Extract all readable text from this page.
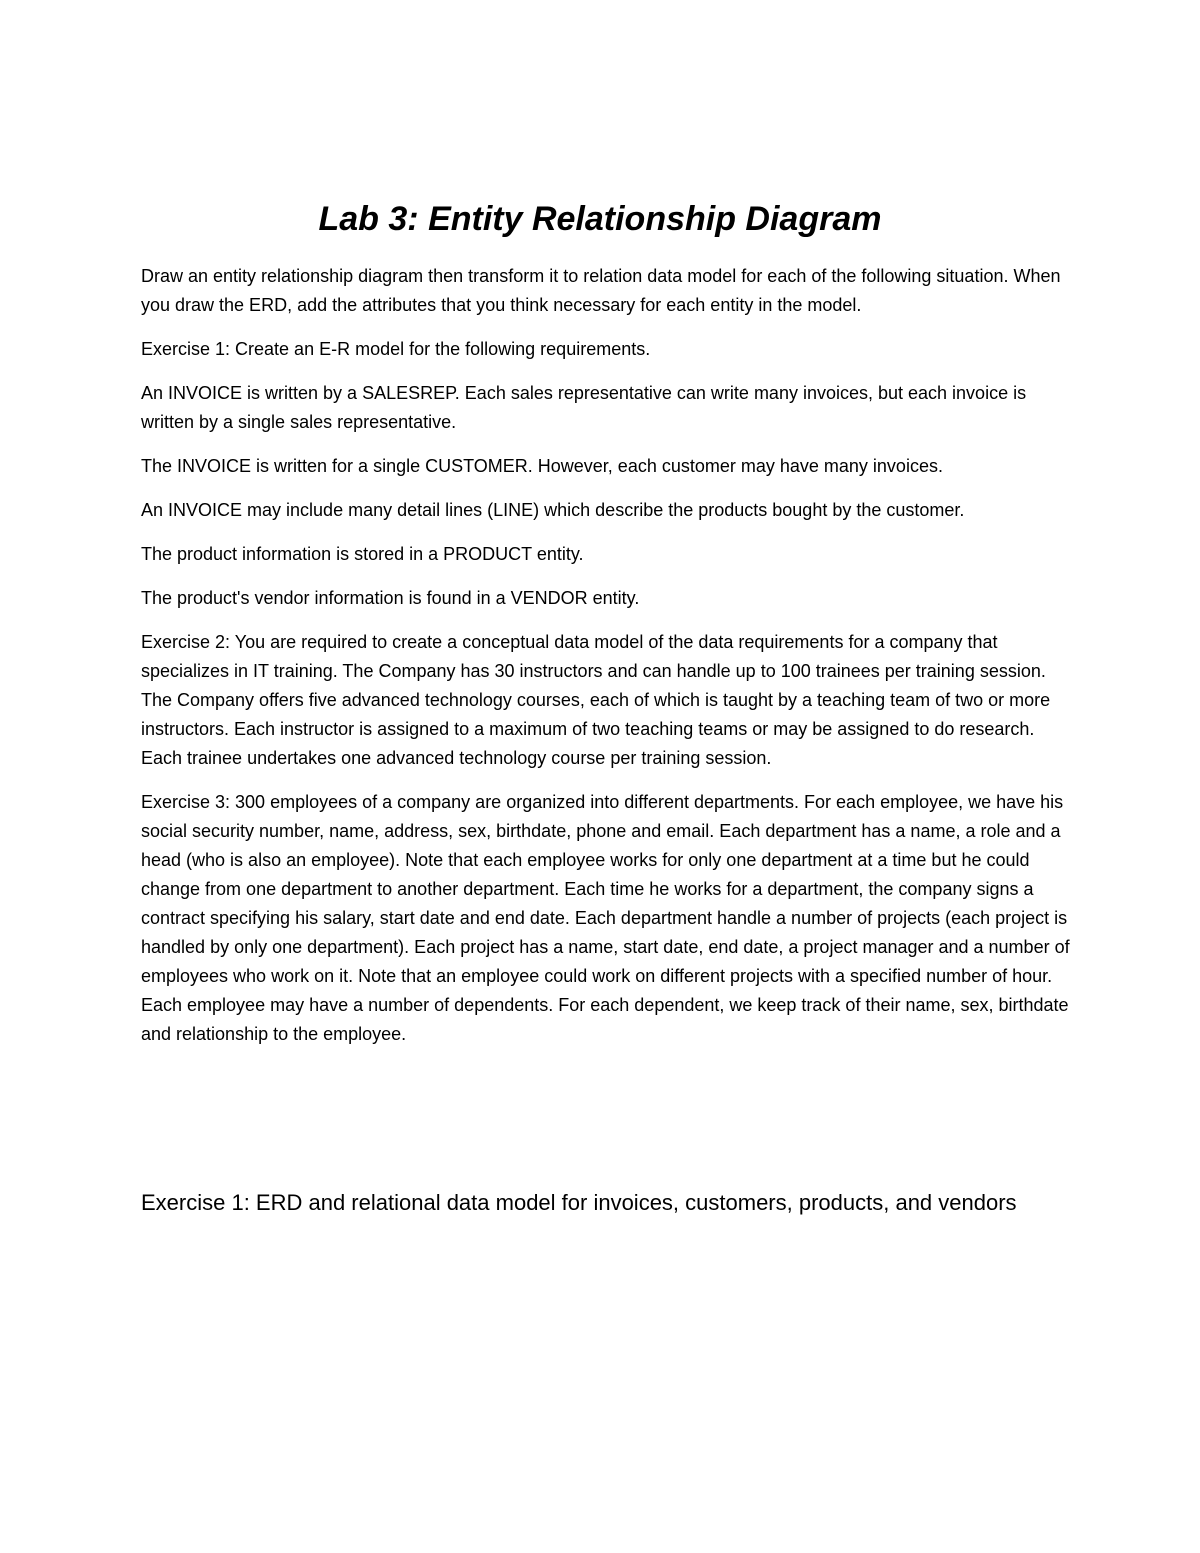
Lab 3: Entity Relationship Diagram

Draw an entity relationship diagram then transform it to relation data model for each of the following situation. When you draw the ERD, add the attributes that you think necessary for each entity in the model.

Exercise 1: Create an E-R model for the following requirements.

An INVOICE is written by a SALESREP. Each sales representative can write many invoices, but each invoice is written by a single sales representative.

The INVOICE is written for a single CUSTOMER. However, each customer may have many invoices.

An INVOICE may include many detail lines (LINE) which describe the products bought by the customer.

The product information is stored in a PRODUCT entity.

The product's vendor information is found in a VENDOR entity.

Exercise 2: You are required to create a conceptual data model of the data requirements for a company that specializes in IT training. The Company has 30 instructors and can handle up to 100 trainees per training session. The Company offers five advanced technology courses, each of which is taught by a teaching team of two or more instructors. Each instructor is assigned to a maximum of two teaching teams or may be assigned to do research. Each trainee undertakes one advanced technology course per training session.

Exercise 3: 300 employees of a company are organized into different departments. For each employee, we have his social security number, name, address, sex, birthdate, phone and email. Each department has a name, a role and a head (who is also an employee). Note that each employee works for only one department at a time but he could change from one department to another department. Each time he works for a department, the company signs a contract specifying his salary, start date and end date. Each department handle a number of projects (each project is handled by only one department). Each project has a name, start date, end date, a project manager and a number of employees who work on it. Note that an employee could work on different projects with a specified number of hour. Each employee may have a number of dependents. For each dependent, we keep track of their name, sex, birthdate and relationship to the employee.

Exercise 1: ERD and relational data model for invoices, customers, products, and vendors
